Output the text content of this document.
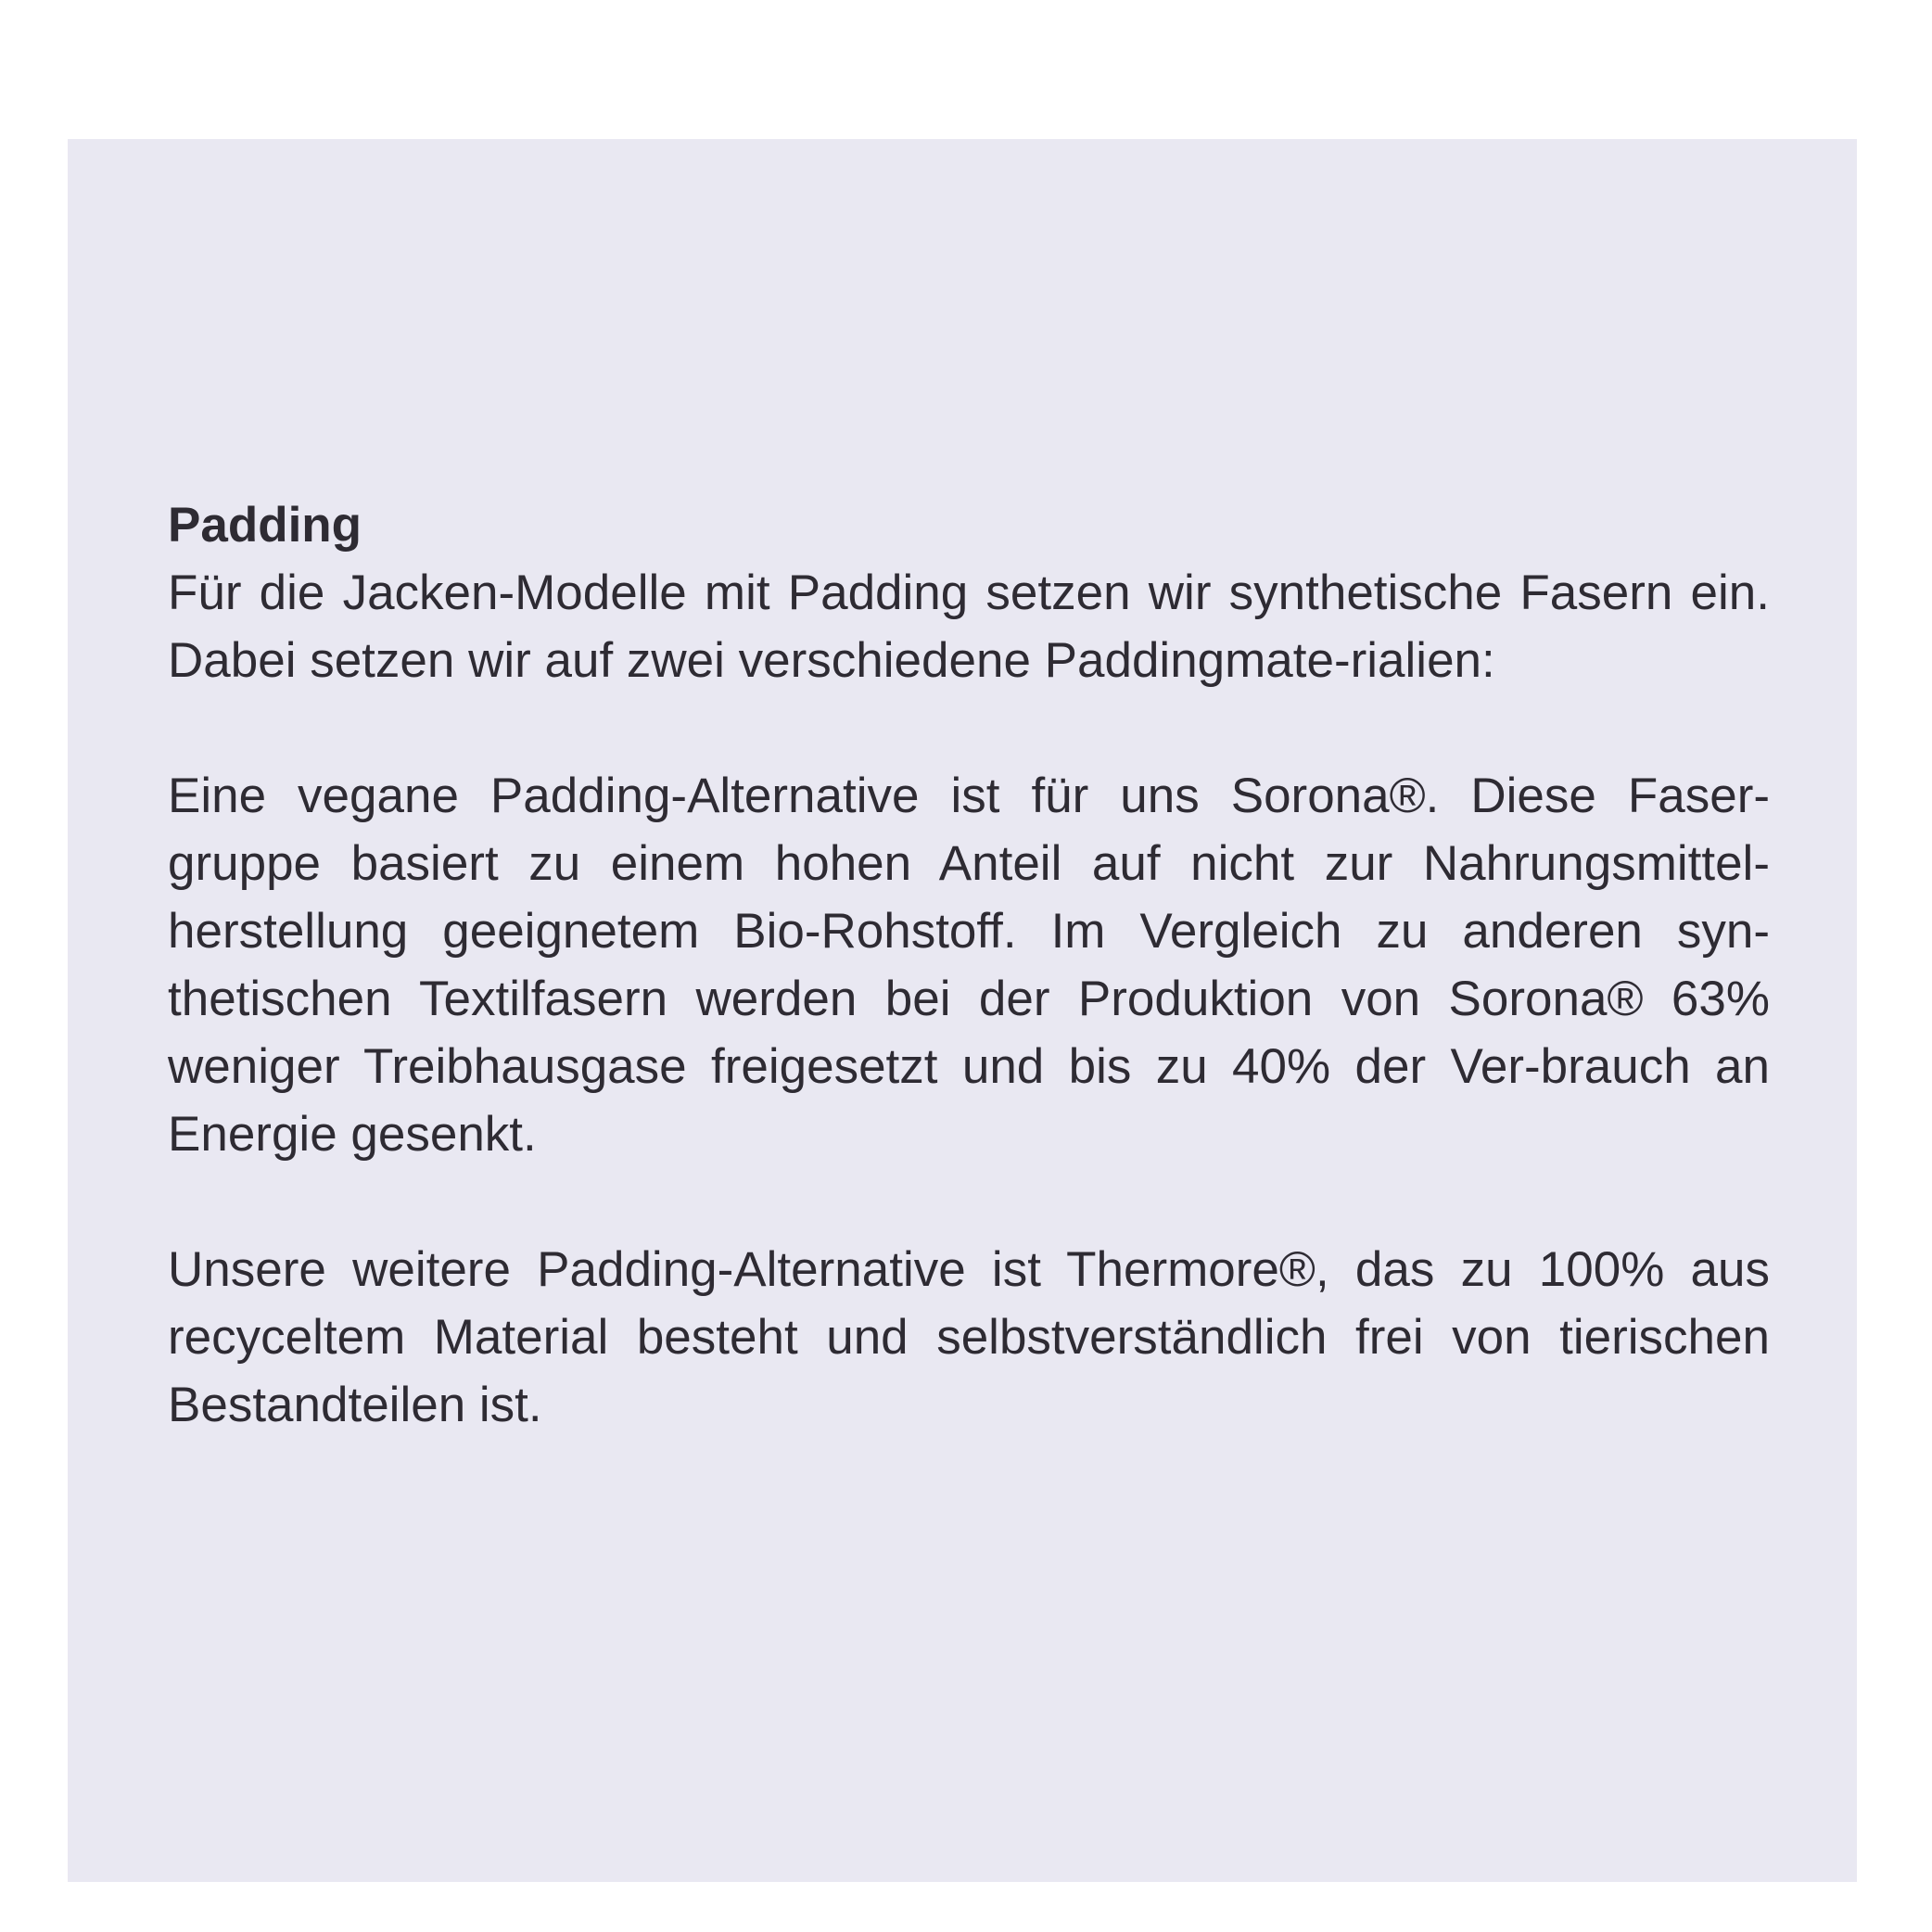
Padding

Für die Jacken-Modelle mit Padding setzen wir synthetische Fasern ein. Dabei setzen wir auf zwei verschiedene Paddingmate-rialien:

Eine vegane Padding-Alternative ist für uns Sorona®. Diese Faser-gruppe basiert zu einem hohen Anteil auf nicht zur Nahrungsmittel-herstellung geeignetem Bio-Rohstoff. Im Vergleich zu anderen syn-thetischen Textilfasern werden bei der Produktion von Sorona® 63% weniger Treibhausgase freigesetzt und bis zu 40% der Ver-brauch an Energie gesenkt.

Unsere weitere Padding-Alternative ist Thermore®, das zu 100% aus recyceltem Material besteht und selbstverständlich frei von tierischen Bestandteilen ist.
